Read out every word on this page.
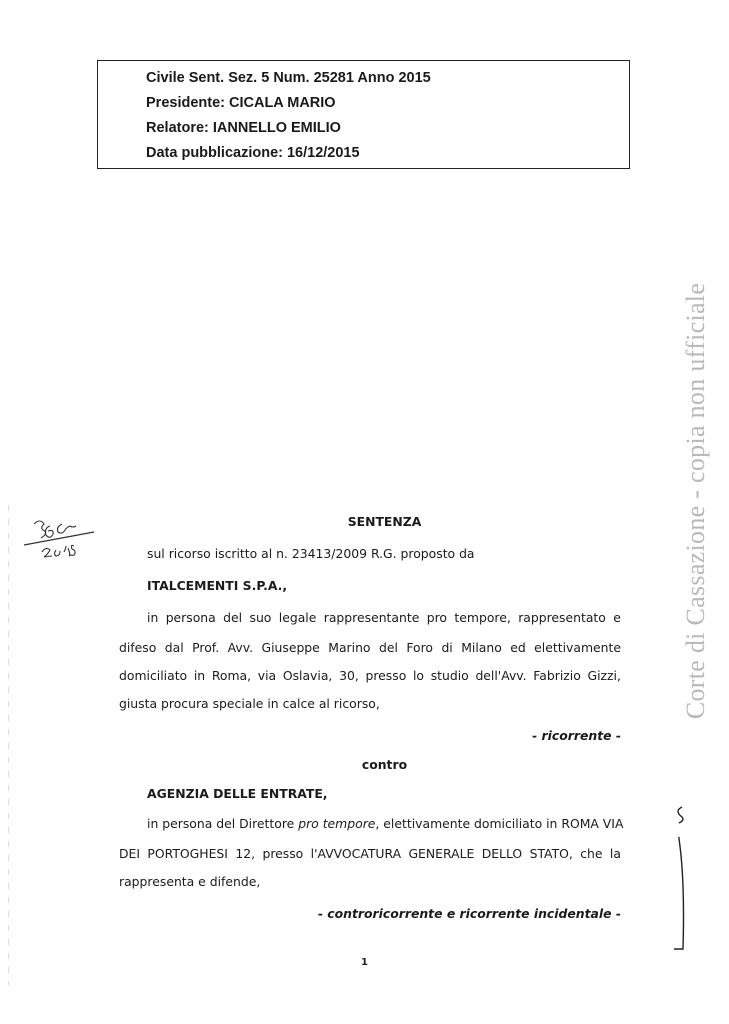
Civile Sent. Sez. 5 Num. 25281 Anno 2015
Presidente: CICALA MARIO
Relatore: IANNELLO EMILIO
Data pubblicazione: 16/12/2015
Corte di Cassazione - copia non ufficiale
SENTENZA
sul ricorso iscritto al n. 23413/2009 R.G. proposto da
ITALCEMENTI S.P.A.,
in persona del suo legale rappresentante pro tempore, rappresentato e
difeso dal Prof. Avv. Giuseppe Marino del Foro di Milano ed elettivamente
domiciliato in Roma, via Oslavia, 30, presso lo studio dell'Avv. Fabrizio Gizzi,
giusta procura speciale in calce al ricorso,
- ricorrente -
contro
AGENZIA DELLE ENTRATE,
in persona del Direttore pro tempore, elettivamente domiciliato in ROMA VIA
DEI PORTOGHESI 12, presso l'AVVOCATURA GENERALE DELLO STATO, che la
rappresenta e difende,
- controricorrente e ricorrente incidentale -
1
